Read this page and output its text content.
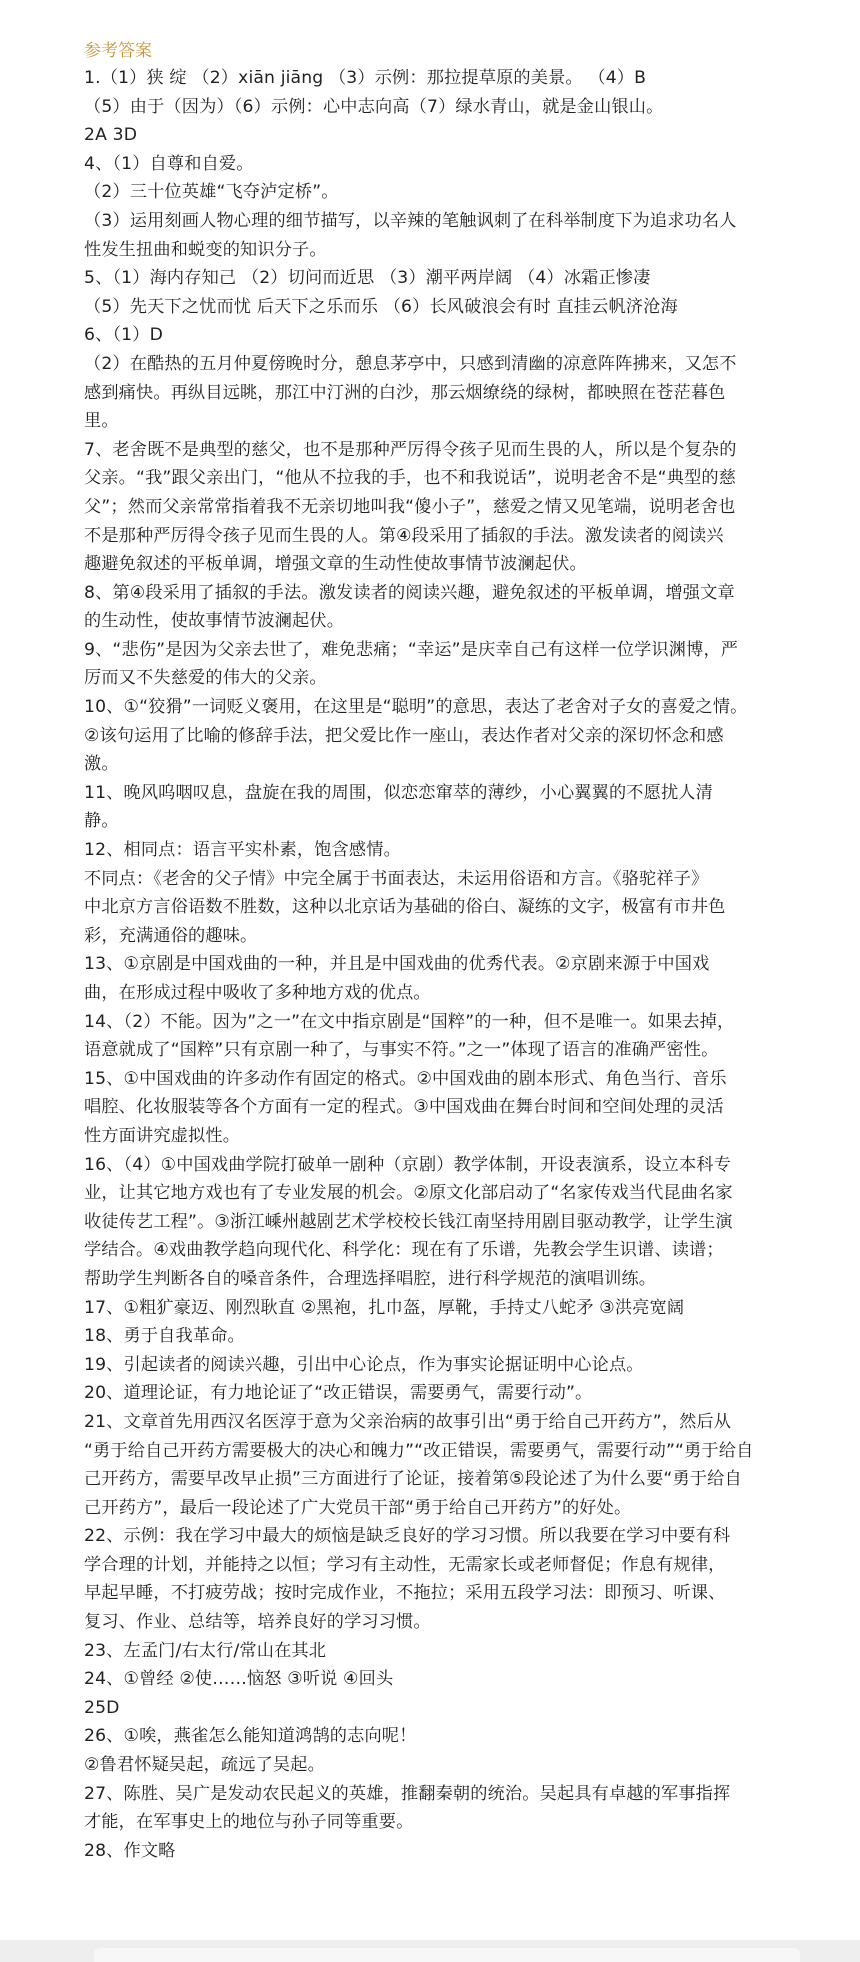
参考答案
1.（1）狭 绽 （2）xiān jiāng （3）示例：那拉提草原的美景。 （4）B
（5）由于（因为）（6）示例：心中志向高（7）绿水青山，就是金山银山。
2A 3D
4、（1）自尊和自爱。
（2）三十位英雄“飞夺泸定桥”。
（3）运用刻画人物心理的细节描写，以辛辣的笔触讽刺了在科举制度下为追求功名人
性发生扭曲和蜕变的知识分子。
5、（1）海内存知己 （2）切问而近思 （3）潮平两岸阔 （4）冰霜正惨凄
（5）先天下之忧而忧 后天下之乐而乐 （6）长风破浪会有时 直挂云帆济沧海
6、（1）D
（2）在酷热的五月仲夏傍晚时分，憩息茅亭中，只感到清幽的凉意阵阵拂来，又怎不
感到痛快。再纵目远眺，那江中汀洲的白沙，那云烟缭绕的绿树，都映照在苍茫暮色
里。
7、老舍既不是典型的慈父，也不是那种严厉得令孩子见而生畏的人，所以是个复杂的
父亲。“我”跟父亲出门，“他从不拉我的手，也不和我说话”，说明老舍不是“典型的慈
父”；然而父亲常常指着我不无亲切地叫我“傻小子”，慈爱之情又见笔端，说明老舍也
不是那种严厉得令孩子见而生畏的人。第④段采用了插叙的手法。激发读者的阅读兴
趣避免叙述的平板单调，增强文章的生动性使故事情节波澜起伏。
8、第④段采用了插叙的手法。激发读者的阅读兴趣，避免叙述的平板单调，增强文章
的生动性，使故事情节波澜起伏。
9、“悲伤”是因为父亲去世了，难免悲痛；“幸运”是庆幸自己有这样一位学识渊博，严
厉而又不失慈爱的伟大的父亲。
10、①“狡猾”一词贬义褒用，在这里是“聪明”的意思，表达了老舍对子女的喜爱之情。
②该句运用了比喻的修辞手法，把父爱比作一座山，表达作者对父亲的深切怀念和感
激。
11、晚风呜咽叹息，盘旋在我的周围，似恋恋窜萃的薄纱，小心翼翼的不愿扰人清
静。
12、相同点：语言平实朴素，饱含感情。
不同点：《老舍的父子情》中完全属于书面表达，未运用俗语和方言。《骆驼祥子》
中北京方言俗语数不胜数，这种以北京话为基础的俗白、凝练的文字，极富有市井色
彩，充满通俗的趣味。
13、①京剧是中国戏曲的一种，并且是中国戏曲的优秀代表。②京剧来源于中国戏
曲，在形成过程中吸收了多种地方戏的优点。
14、（2）不能。因为”之一”在文中指京剧是“国粹”的一种，但不是唯一。如果去掉，
语意就成了“国粹”只有京剧一种了，与事实不符。”之一”体现了语言的准确严密性。
15、①中国戏曲的许多动作有固定的格式。②中国戏曲的剧本形式、角色当行、音乐
唱腔、化妆服装等各个方面有一定的程式。③中国戏曲在舞台时间和空间处理的灵活
性方面讲究虚拟性。
16、（4）①中国戏曲学院打破单一剧种（京剧）教学体制，开设表演系，设立本科专
业，让其它地方戏也有了专业发展的机会。②原文化部启动了“名家传戏当代昆曲名家
收徒传艺工程”。③浙江嵊州越剧艺术学校校长钱江南坚持用剧目驱动教学，让学生演
学结合。④戏曲教学趋向现代化、科学化：现在有了乐谱，先教会学生识谱、读谱；
帮助学生判断各自的嗓音条件，合理选择唱腔，进行科学规范的演唱训练。
17、①粗犷豪迈、刚烈耿直 ②黑袍，扎巾盔，厚靴，手持丈八蛇矛 ③洪亮宽阔
18、勇于自我革命。
19、引起读者的阅读兴趣，引出中心论点，作为事实论据证明中心论点。
20、道理论证，有力地论证了“改正错误，需要勇气，需要行动”。
21、文章首先用西汉名医淳于意为父亲治病的故事引出“勇于给自己开药方”，然后从
“勇于给自己开药方需要极大的决心和魄力”“改正错误，需要勇气，需要行动”“勇于给自
己开药方，需要早改早止损”三方面进行了论证，接着第⑤段论述了为什么要“勇于给自
己开药方”，最后一段论述了广大党员干部“勇于给自己开药方”的好处。
22、示例：我在学习中最大的烦恼是缺乏良好的学习习惯。所以我要在学习中要有科
学合理的计划，并能持之以恒；学习有主动性，无需家长或老师督促；作息有规律，
早起早睡，不打疲劳战；按时完成作业，不拖拉；采用五段学习法：即预习、听课、
复习、作业、总结等，培养良好的学习习惯。
23、左孟门/右太行/常山在其北
24、①曾经 ②使……恼怒 ③听说 ④回头
25D
26、①唉，燕雀怎么能知道鸿鹄的志向呢！
②鲁君怀疑吴起，疏远了吴起。
27、陈胜、吴广是发动农民起义的英雄，推翻秦朝的统治。吴起具有卓越的军事指挥
才能，在军事史上的地位与孙子同等重要。
28、作文略
